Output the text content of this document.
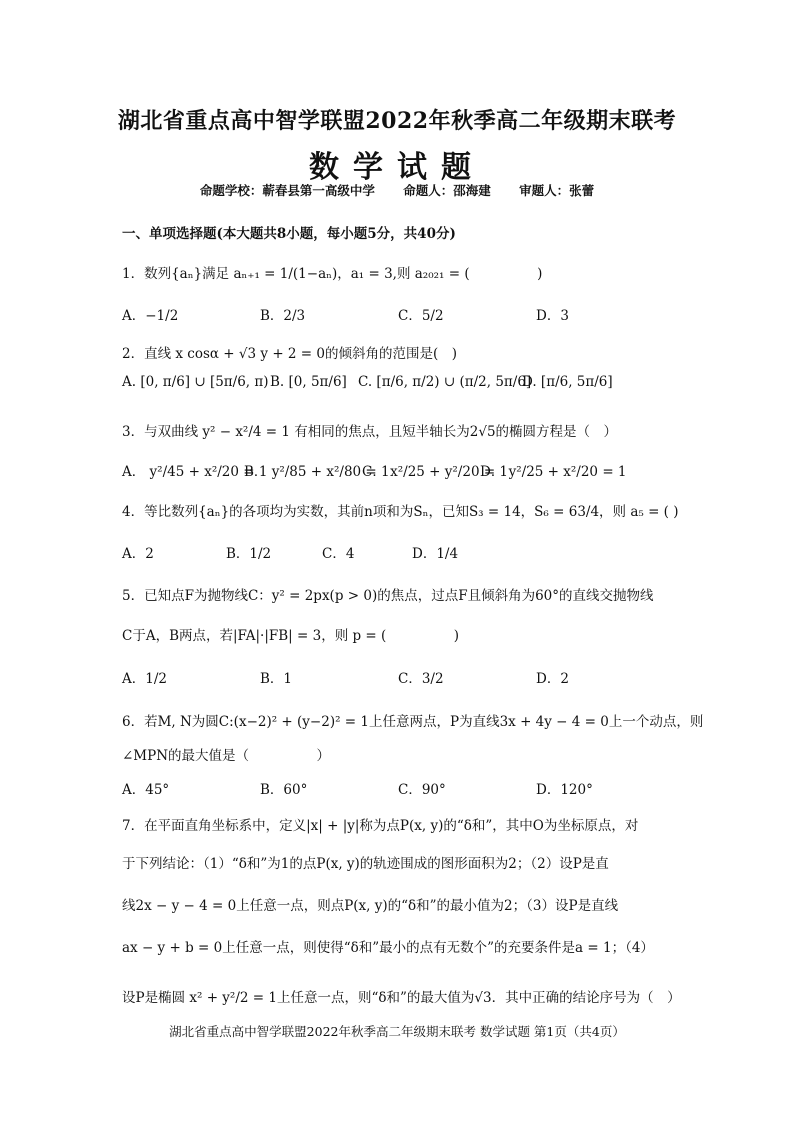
湖北省重点高中智学联盟2022年秋季高二年级期末联考
数学试题
命题学校：蕲春县第一高级中学 命题人：邵海建 审题人：张蕾
一、单项选择题(本大题共8小题，每小题5分，共40分)
1．数列{aₙ}满足 aₙ₊₁ = 1/(1−aₙ)，a₁ = 3,则 a₂₀₂₁ = (　　　　　)
A．−1/2	B．2/3	C．5/2	D．3
2．直线 x cosα + √3 y + 2 = 0的倾斜角的范围是(　)
A. [0, π/6] ∪ [5π/6, π) B. [0, 5π/6] C. [π/6, π/2) ∪ (π/2, 5π/6]
D. [π/6, 5π/6]
3．与双曲线 y² − x²/4 = 1 有相同的焦点，且短半轴长为2√5的椭圆方程是（　）
A． y²/45 + x²/20 = 1
B． y²/85 + x²/80 = 1
C． x²/25 + y²/20 = 1
D． y²/25 + x²/20 = 1
4．等比数列{aₙ}的各项均为实数，其前n项和为Sₙ，已知S₃ = 14，S₆ = 63/4，则 a₅ = ( )
A．2	B．1/2	C．4	D．1/4
5．已知点F为抛物线C：y² = 2px(p > 0)的焦点，过点F且倾斜角为60°的直线交抛物线
C于A，B两点，若|FA|·|FB| = 3，则 p = (　　　　　)
A．1/2	B．1	C．3/2	D．2
6．若M, N为圆C:(x−2)² + (y−2)² = 1上任意两点，P为直线3x + 4y − 4 = 0上一个动点，则
∠MPN的最大值是（　　　　　）
A．45°	B．60°	C．90°	D．120°
7．在平面直角坐标系中，定义|x| + |y|称为点P(x, y)的“δ和”，其中O为坐标原点，对
于下列结论：（1）“δ和”为1的点P(x, y)的轨迹围成的图形面积为2；（2）设P是直
线2x − y − 4 = 0上任意一点，则点P(x, y)的“δ和”的最小值为2；（3）设P是直线
ax − y + b = 0上任意一点，则使得“δ和”最小的点有无数个”的充要条件是a = 1；（4）
设P是椭圆 x² + y²/2 = 1上任意一点，则“δ和”的最大值为√3．其中正确的结论序号为（　）
湖北省重点高中智学联盟2022年秋季高二年级期末联考 数学试题 第1页（共4页）
